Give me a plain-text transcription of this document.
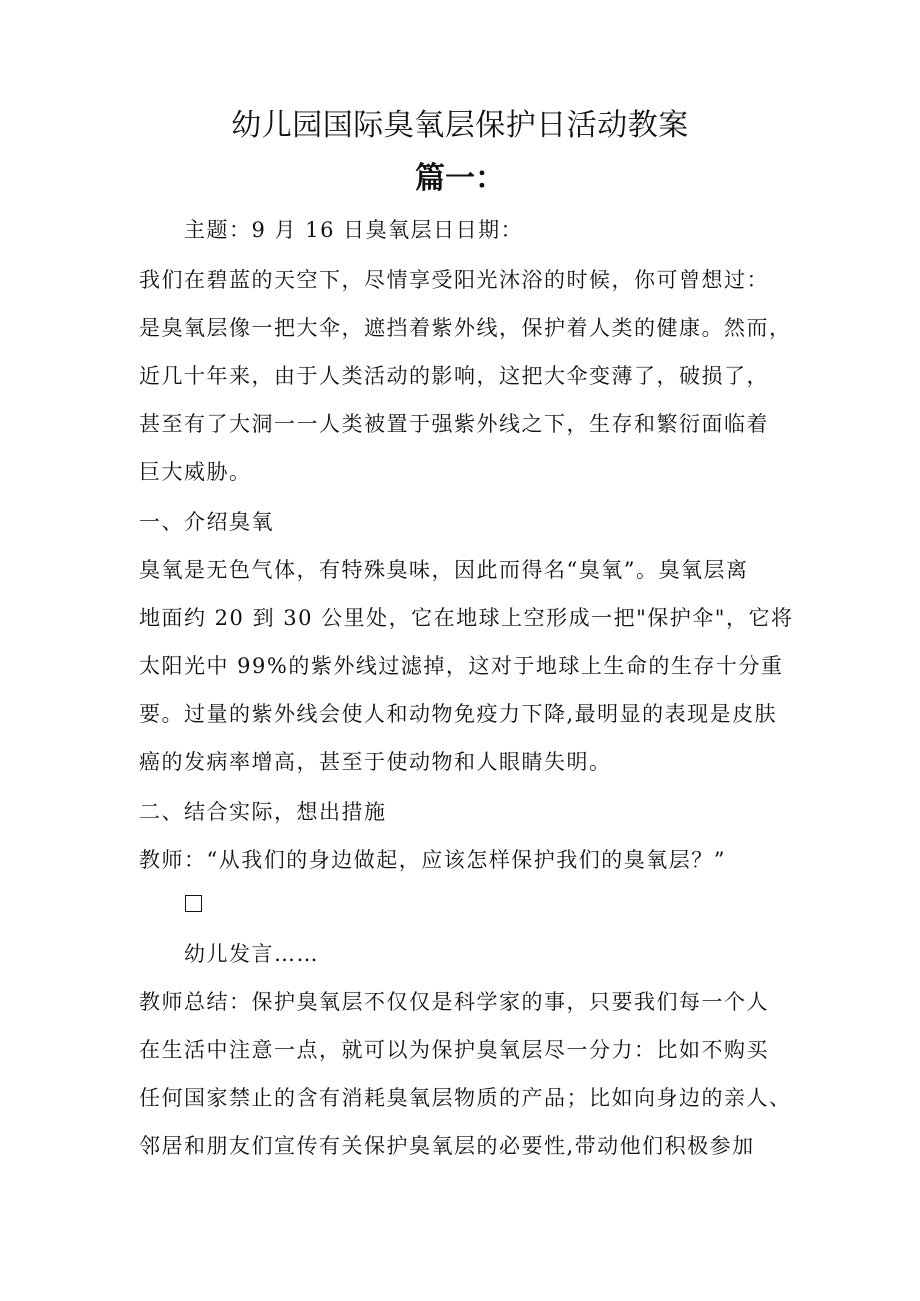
幼儿园国际臭氧层保护日活动教案
篇一：
主题：9 月 16 日臭氧层日日期：
我们在碧蓝的天空下，尽情享受阳光沐浴的时候，你可曾想过：
是臭氧层像一把大伞，遮挡着紫外线，保护着人类的健康。然而，
近几十年来，由于人类活动的影响，这把大伞变薄了，破损了，
甚至有了大洞一一人类被置于强紫外线之下，生存和繁衍面临着
巨大威胁。
一、介绍臭氧
臭氧是无色气体，有特殊臭味，因此而得名“臭氧”。臭氧层离
地面约 20 到 30 公里处，它在地球上空形成一把"保护伞"，它将
太阳光中 99%的紫外线过滤掉，这对于地球上生命的生存十分重
要。过量的紫外线会使人和动物免疫力下降,最明显的表现是皮肤
癌的发病率增高，甚至于使动物和人眼睛失明。
二、结合实际，想出措施
教师：“从我们的身边做起，应该怎样保护我们的臭氧层？”
幼儿发言……
教师总结：保护臭氧层不仅仅是科学家的事，只要我们每一个人
在生活中注意一点，就可以为保护臭氧层尽一分力：比如不购买
任何国家禁止的含有消耗臭氧层物质的产品；比如向身边的亲人、
邻居和朋友们宣传有关保护臭氧层的必要性,带动他们积极参加
